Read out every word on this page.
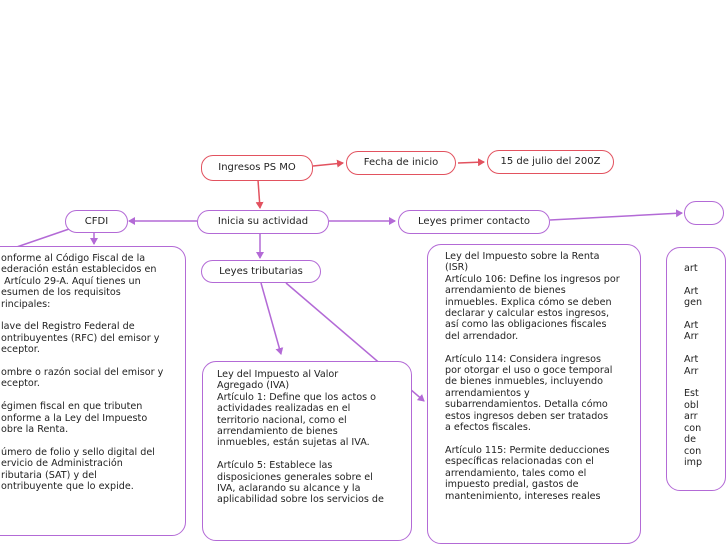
Ingresos PS MO	Fecha de inicio	15 de julio del 200Z
Inicia su actividad
CFDI	Leyes primer contacto
Leyes tributarias
onforme al Código Fiscal de la
ederación están establecidos en
Artículo 29-A. Aquí tienes un
esumen de los requisitos
rincipales:

lave del Registro Federal de
ontribuyentes (RFC) del emisor y
eceptor.

ombre o razón social del emisor y
eceptor.

égimen fiscal en que tributen
onforme a la Ley del Impuesto
obre la Renta.

úmero de folio y sello digital del
ervicio de Administración
ributaria (SAT) y del
ontribuyente que lo expide.
Ley del Impuesto al Valor
Agregado (IVA)
Artículo 1: Define que los actos o
actividades realizadas en el
territorio nacional, como el
arrendamiento de bienes
inmuebles, están sujetas al IVA.

Artículo 5: Establece las
disposiciones generales sobre el
IVA, aclarando su alcance y la
aplicabilidad sobre los servicios de
Ley del Impuesto sobre la Renta
(ISR)
Artículo 106: Define los ingresos por
arrendamiento de bienes
inmuebles. Explica cómo se deben
declarar y calcular estos ingresos,
así como las obligaciones fiscales
del arrendador.

Artículo 114: Considera ingresos
por otorgar el uso o goce temporal
de bienes inmuebles, incluyendo
arrendamientos y
subarrendamientos. Detalla cómo
estos ingresos deben ser tratados
a efectos fiscales.

Artículo 115: Permite deducciones
específicas relacionadas con el
arrendamiento, tales como el
impuesto predial, gastos de
mantenimiento, intereses reales
art

Art
gen

Art
Arr

Art
Arr

Est
obl
arr
con
de
con
imp
